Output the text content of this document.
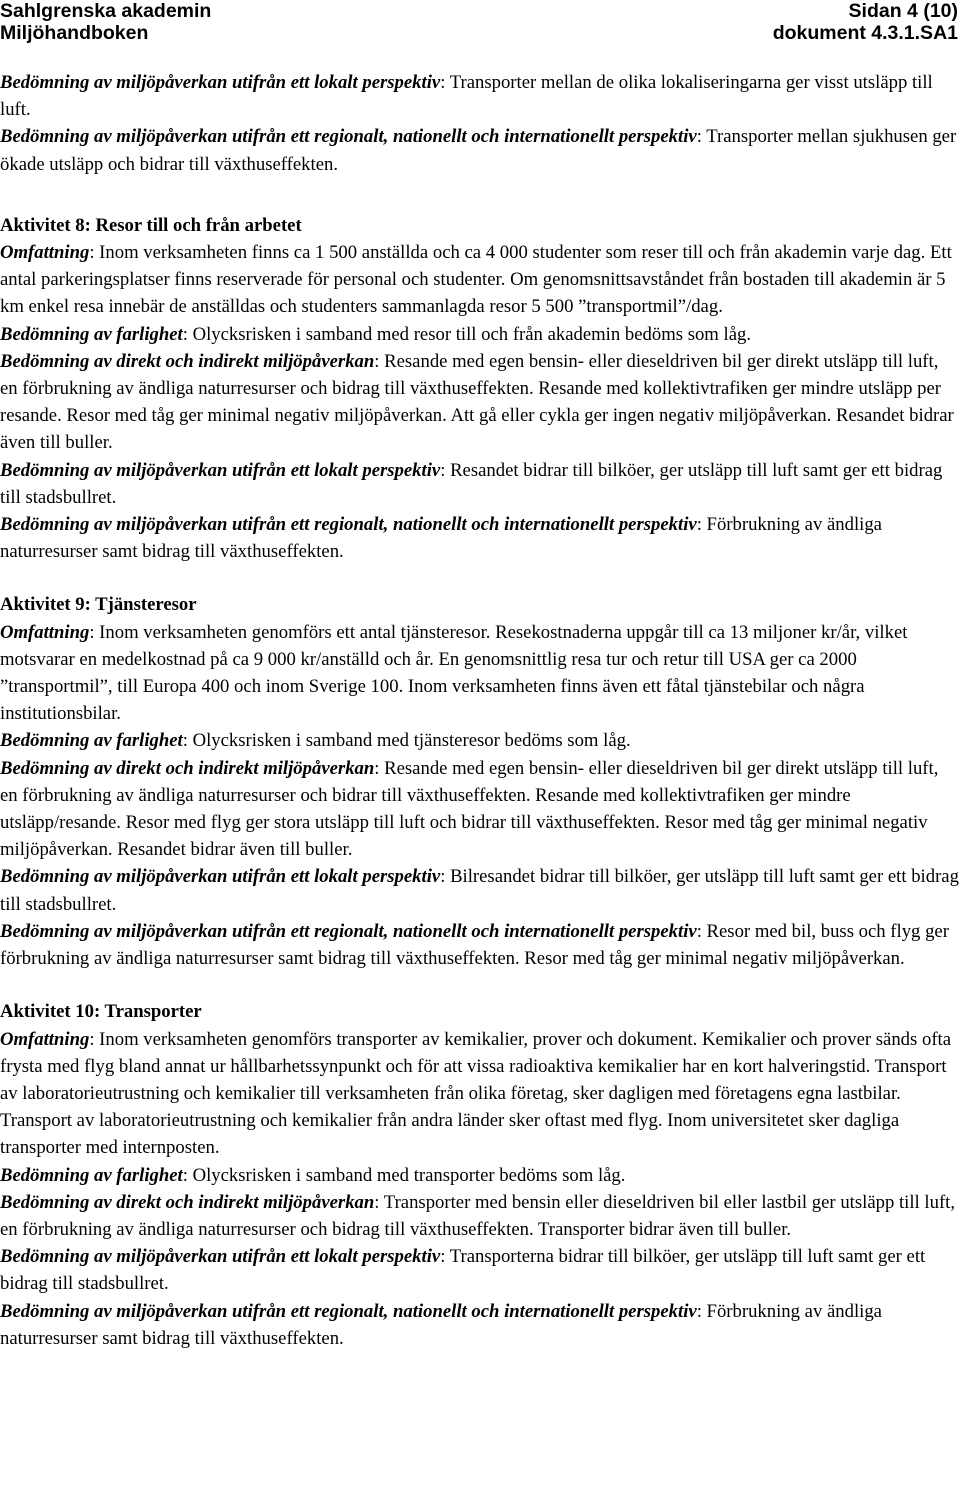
Sahlgrenska akademin
Miljöhandboken
Sidan 4 (10)
dokument 4.3.1.SA1

Bedömning av miljöpåverkan utifrån ett lokalt perspektiv: Transporter mellan de olika lokaliseringarna ger visst utsläpp till luft.

Bedömning av miljöpåverkan utifrån ett regionalt, nationellt och internationellt perspektiv: Transporter mellan sjukhusen ger ökade utsläpp och bidrar till växthuseffekten.

Aktivitet 8: Resor till och från arbetet

Omfattning: Inom verksamheten finns ca 1 500 anställda och ca 4 000 studenter som reser till och från akademin varje dag. Ett antal parkeringsplatser finns reserverade för personal och studenter. Om genomsnittsavståndet från bostaden till akademin är 5 km enkel resa innebär de anställdas och studenters sammanlagda resor 5 500 ”transportmil”/dag.

Bedömning av farlighet: Olycksrisken i samband med resor till och från akademin bedöms som låg.

Bedömning av direkt och indirekt miljöpåverkan: Resande med egen bensin- eller dieseldriven bil ger direkt utsläpp till luft, en förbrukning av ändliga naturresurser och bidrag till växthuseffekten. Resande med kollektivtrafiken ger mindre utsläpp per resande. Resor med tåg ger minimal negativ miljöpåverkan. Att gå eller cykla ger ingen negativ miljöpåverkan. Resandet bidrar även till buller.

Bedömning av miljöpåverkan utifrån ett lokalt perspektiv: Resandet bidrar till bilköer, ger utsläpp till luft samt ger ett bidrag till stadsbullret.

Bedömning av miljöpåverkan utifrån ett regionalt, nationellt och internationellt perspektiv: Förbrukning av ändliga naturresurser samt bidrag till växthuseffekten.

Aktivitet 9: Tjänsteresor

Omfattning: Inom verksamheten genomförs ett antal tjänsteresor. Resekostnaderna uppgår till ca 13 miljoner kr/år, vilket motsvarar en medelkostnad på ca 9 000 kr/anställd och år. En genomsnittlig resa tur och retur till USA ger ca 2000 ”transportmil”, till Europa 400 och inom Sverige 100. Inom verksamheten finns även ett fåtal tjänstebilar och några institutionsbilar.

Bedömning av farlighet: Olycksrisken i samband med tjänsteresor bedöms som låg.

Bedömning av direkt och indirekt miljöpåverkan: Resande med egen bensin- eller dieseldriven bil ger direkt utsläpp till luft, en förbrukning av ändliga naturresurser och bidrar till växthuseffekten. Resande med kollektivtrafiken ger mindre utsläpp/resande. Resor med flyg ger stora utsläpp till luft och bidrar till växthuseffekten. Resor med tåg ger minimal negativ miljöpåverkan. Resandet bidrar även till buller.

Bedömning av miljöpåverkan utifrån ett lokalt perspektiv: Bilresandet bidrar till bilköer, ger utsläpp till luft samt ger ett bidrag till stadsbullret.

Bedömning av miljöpåverkan utifrån ett regionalt, nationellt och internationellt perspektiv: Resor med bil, buss och flyg ger förbrukning av ändliga naturresurser samt bidrag till växthuseffekten. Resor med tåg ger minimal negativ miljöpåverkan.

Aktivitet 10: Transporter

Omfattning: Inom verksamheten genomförs transporter av kemikalier, prover och dokument. Kemikalier och prover sänds ofta frysta med flyg bland annat ur hållbarhetssynpunkt och för att vissa radioaktiva kemikalier har en kort halveringstid. Transport av laboratorieutrustning och kemikalier till verksamheten från olika företag, sker dagligen med företagens egna lastbilar. Transport av laboratorieutrustning och kemikalier från andra länder sker oftast med flyg. Inom universitetet sker dagliga transporter med internposten.

Bedömning av farlighet: Olycksrisken i samband med transporter bedöms som låg.

Bedömning av direkt och indirekt miljöpåverkan: Transporter med bensin eller dieseldriven bil eller lastbil ger utsläpp till luft, en förbrukning av ändliga naturresurser och bidrag till växthuseffekten. Transporter bidrar även till buller.

Bedömning av miljöpåverkan utifrån ett lokalt perspektiv: Transporterna bidrar till bilköer, ger utsläpp till luft samt ger ett bidrag till stadsbullret.

Bedömning av miljöpåverkan utifrån ett regionalt, nationellt och internationellt perspektiv: Förbrukning av ändliga naturresurser samt bidrag till växthuseffekten.
